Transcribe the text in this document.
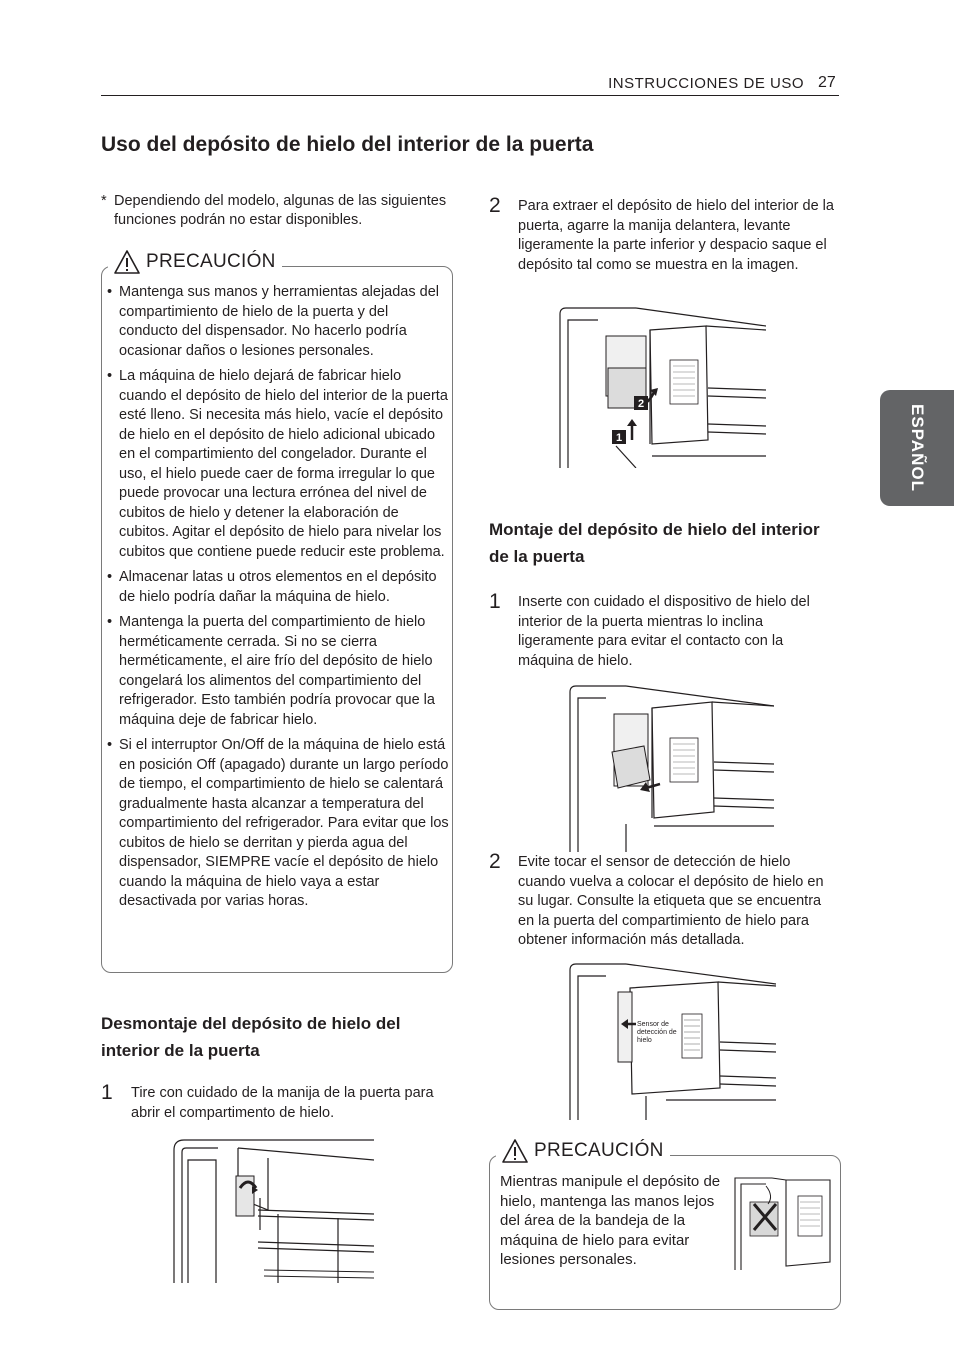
INSTRUCCIONES DE USO 27
ESPAÑOL
Uso del depósito de hielo del interior de la puerta
* Dependiendo del modelo, algunas de las siguientes funciones podrán no estar disponibles.
PRECAUCIÓN
• Mantenga sus manos y herramientas alejadas del compartimiento de hielo de la puerta y del conducto del dispensador. No hacerlo podría ocasionar daños o lesiones personales.
• La máquina de hielo dejará de fabricar hielo cuando el depósito de hielo del interior de la puerta esté lleno. Si necesita más hielo, vacíe el depósito de hielo en el depósito de hielo adicional ubicado en el compartimiento del congelador. Durante el uso, el hielo puede caer de forma irregular lo que puede provocar una lectura errónea del nivel de cubitos de hielo y detener la elaboración de cubitos. Agitar el depósito de hielo para nivelar los cubitos que contiene puede reducir este problema.
• Almacenar latas u otros elementos en el depósito de hielo podría dañar la máquina de hielo.
• Mantenga la puerta del compartimiento de hielo herméticamente cerrada. Si no se cierra herméticamente, el aire frío del depósito de hielo congelará los alimentos del compartimiento del refrigerador. Esto también podría provocar que la máquina deje de fabricar hielo.
• Si el interruptor On/Off de la máquina de hielo está en posición Off (apagado) durante un largo período de tiempo, el compartimiento de hielo se calentará gradualmente hasta alcanzar a temperatura del compartimiento del refrigerador. Para evitar que los cubitos de hielo se derritan y pierda agua del dispensador, SIEMPRE vacíe el depósito de hielo cuando la máquina de hielo vaya a estar desactivada por varias horas.
Desmontaje del depósito de hielo del interior de la puerta
1 Tire con cuidado de la manija de la puerta para abrir el compartimento de hielo.
2 Para extraer el depósito de hielo del interior de la puerta, agarre la manija delantera, levante ligeramente la parte inferior y despacio saque el depósito tal como se muestra en la imagen.
2
1
Montaje del depósito de hielo del interior de la puerta
1 Inserte con cuidado el dispositivo de hielo del interior de la puerta mientras lo inclina ligeramente para evitar el contacto con la máquina de hielo.
2 Evite tocar el sensor de detección de hielo cuando vuelva a colocar el depósito de hielo en su lugar. Consulte la etiqueta que se encuentra en la puerta del compartimiento de hielo para obtener información más detallada.
Sensor de
detección de
hielo
PRECAUCIÓN
Mientras manipule el depósito de hielo, mantenga las manos lejos del área de la bandeja de la máquina de hielo para evitar lesiones personales.
